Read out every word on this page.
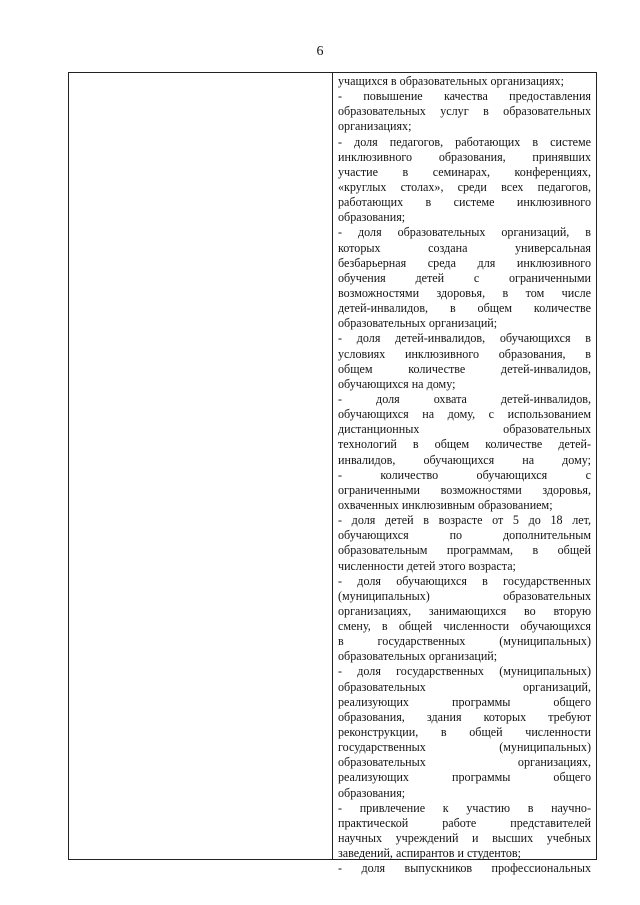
6
учащихся в образовательных организациях;
- повышение качества предоставления
образовательных услуг в образовательных
организациях;
- доля педагогов, работающих в системе
инклюзивного образования, принявших
участие в семинарах, конференциях,
«круглых столах», среди всех педагогов,
работающих в системе инклюзивного
образования;
- доля образовательных организаций, в
которых создана универсальная
безбарьерная среда для инклюзивного
обучения детей с ограниченными
возможностями здоровья, в том числе
детей-инвалидов, в общем количестве
образовательных организаций;
- доля детей-инвалидов, обучающихся в
условиях инклюзивного образования, в
общем количестве детей-инвалидов,
обучающихся на дому;
- доля охвата детей-инвалидов,
обучающихся на дому, с использованием
дистанционных образовательных
технологий в общем количестве детей-
инвалидов, обучающихся на дому;
- количество обучающихся с
ограниченными возможностями здоровья,
охваченных инклюзивным образованием;
- доля детей в возрасте от 5 до 18 лет,
обучающихся по дополнительным
образовательным программам, в общей
численности детей этого возраста;
- доля обучающихся в государственных
(муниципальных) образовательных
организациях, занимающихся во вторую
смену, в общей численности обучающихся
в государственных (муниципальных)
образовательных организаций;
- доля государственных (муниципальных)
образовательных организаций,
реализующих программы общего
образования, здания которых требуют
реконструкции, в общей численности
государственных (муниципальных)
образовательных организациях,
реализующих программы общего
образования;
- привлечение к участию в научно-
практической работе представителей
научных учреждений и высших учебных
заведений, аспирантов и студентов;
- доля выпускников профессиональных
